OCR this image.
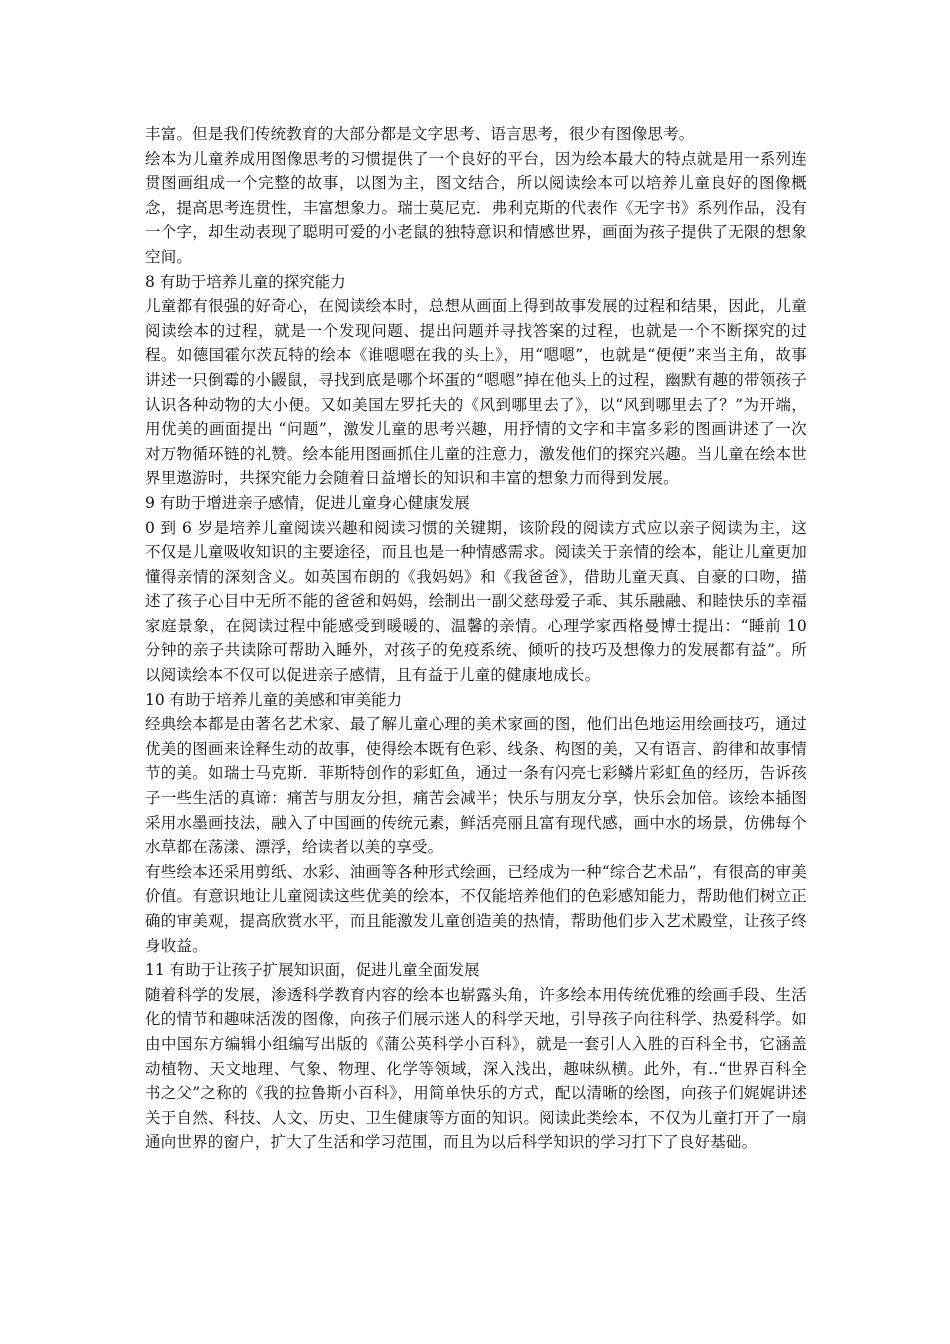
丰富。但是我们传统教育的大部分都是文字思考、语言思考，很少有图像思考。

绘本为儿童养成用图像思考的习惯提供了一个良好的平台，因为绘本最大的特点就是用一系列连贯图画组成一个完整的故事，以图为主，图文结合，所以阅读绘本可以培养儿童良好的图像概念，提高思考连贯性，丰富想象力。瑞士莫尼克．弗利克斯的代表作《无字书》系列作品，没有一个字，却生动表现了聪明可爱的小老鼠的独特意识和情感世界，画面为孩子提供了无限的想象空间。

8 有助于培养儿童的探究能力

儿童都有很强的好奇心，在阅读绘本时，总想从画面上得到故事发展的过程和结果，因此，儿童阅读绘本的过程，就是一个发现问题、提出问题并寻找答案的过程，也就是一个不断探究的过程。如德国霍尔茨瓦特的绘本《谁嗯嗯在我的头上》，用“嗯嗯”，也就是“便便”来当主角，故事讲述一只倒霉的小鼹鼠，寻找到底是哪个坏蛋的“嗯嗯”掉在他头上的过程，幽默有趣的带领孩子认识各种动物的大小便。又如美国左罗托夫的《风到哪里去了》，以“风到哪里去了？”为开端，用优美的画面提出 “问题”，激发儿童的思考兴趣，用抒情的文字和丰富多彩的图画讲述了一次对万物循环链的礼赞。绘本能用图画抓住儿童的注意力，激发他们的探究兴趣。当儿童在绘本世界里遨游时，共探究能力会随着日益增长的知识和丰富的想象力而得到发展。

9 有助于增进亲子感情，促进儿童身心健康发展

0 到 6 岁是培养儿童阅读兴趣和阅读习惯的关键期，该阶段的阅读方式应以亲子阅读为主，这不仅是儿童吸收知识的主要途径，而且也是一种情感需求。阅读关于亲情的绘本，能让儿童更加懂得亲情的深刻含义。如英国布朗的《我妈妈》和《我爸爸》，借助儿童天真、自豪的口吻，描述了孩子心目中无所不能的爸爸和妈妈，绘制出一副父慈母爱子乖、其乐融融、和睦快乐的幸福家庭景象，在阅读过程中能感受到暖暖的、温馨的亲情。心理学家西格曼博士提出：“睡前 10 分钟的亲子共读除可帮助入睡外，对孩子的免疫系统、倾听的技巧及想像力的发展都有益”。所以阅读绘本不仅可以促进亲子感情，且有益于儿童的健康地成长。

10 有助于培养儿童的美感和审美能力

经典绘本都是由著名艺术家、最了解儿童心理的美术家画的图，他们出色地运用绘画技巧，通过优美的图画来诠释生动的故事，使得绘本既有色彩、线条、构图的美，又有语言、韵律和故事情节的美。如瑞士马克斯．菲斯特创作的彩虹鱼，通过一条有闪亮七彩鳞片彩虹鱼的经历，告诉孩子一些生活的真谛：痛苦与朋友分担，痛苦会减半；快乐与朋友分享，快乐会加倍。该绘本插图采用水墨画技法，融入了中国画的传统元素，鲜活亮丽且富有现代感，画中水的场景，仿佛每个水草都在荡漾、漂浮，给读者以美的享受。

有些绘本还采用剪纸、水彩、油画等各种形式绘画，已经成为一种“综合艺术品”，有很高的审美价值。有意识地让儿童阅读这些优美的绘本，不仅能培养他们的色彩感知能力，帮助他们树立正确的审美观，提高欣赏水平，而且能激发儿童创造美的热情，帮助他们步入艺术殿堂，让孩子终身收益。

11 有助于让孩子扩展知识面，促进儿童全面发展

随着科学的发展，渗透科学教育内容的绘本也崭露头角，许多绘本用传统优雅的绘画手段、生活化的情节和趣味活泼的图像，向孩子们展示迷人的科学天地，引导孩子向往科学、热爱科学。如由中国东方编辑小组编写出版的《蒲公英科学小百科》，就是一套引人入胜的百科全书，它涵盖动植物、天文地理、气象、物理、化学等领域，深入浅出，趣味纵横。此外，有..“世界百科全书之父”之称的《我的拉鲁斯小百科》，用简单快乐的方式，配以清晰的绘图，向孩子们娓娓讲述关于自然、科技、人文、历史、卫生健康等方面的知识。阅读此类绘本，不仅为儿童打开了一扇通向世界的窗户，扩大了生活和学习范围，而且为以后科学知识的学习打下了良好基础。
